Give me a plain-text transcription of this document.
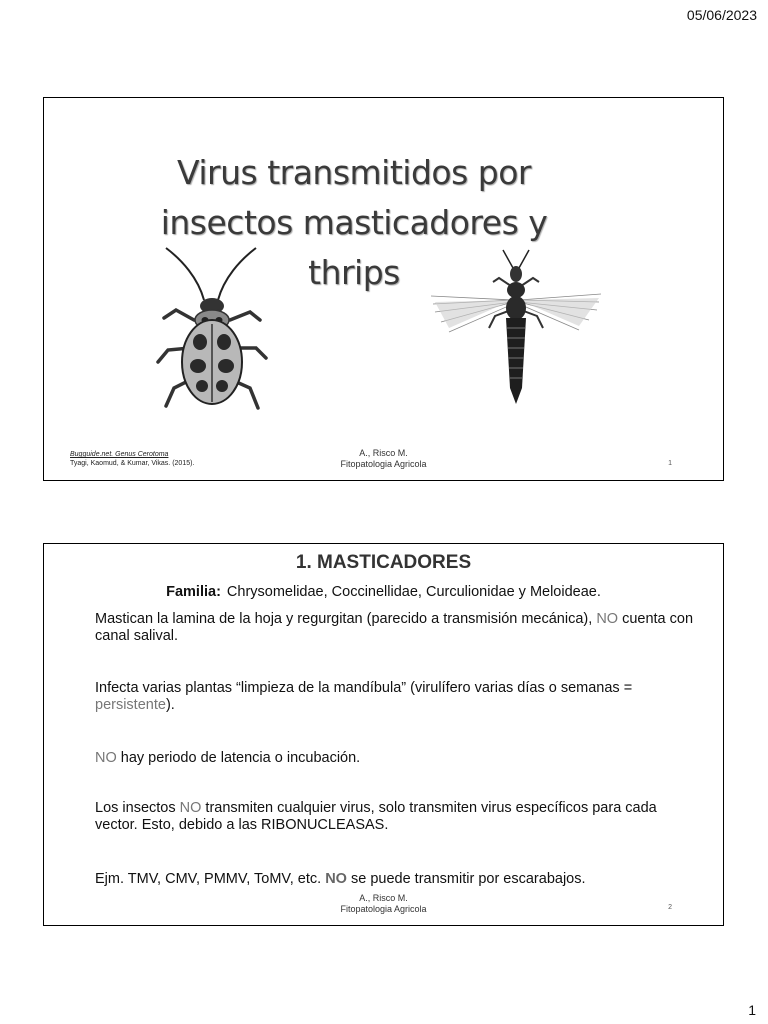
05/06/2023
Virus transmitidos por
insectos masticadores y
thrips
Bugguide.net. Genus Cerotoma
Tyagi, Kaomud, & Kumar, Vikas. (2015).
A., Risco M.
Fitopatologia Agricola	1
1. MASTICADORES
Familia: Chrysomelidae, Coccinellidae, Curculionidae y Meloideae.
Mastican la lamina de la hoja y regurgitan (parecido a transmisión mecánica), NO cuenta con canal salival.
Infecta varias plantas “limpieza de la mandíbula” (virulífero varias días o semanas = persistente).
NO hay periodo de latencia o incubación.
Los insectos NO transmiten cualquier virus, solo transmiten virus específicos para cada vector. Esto, debido a las RIBONUCLEASAS.
Ejm. TMV, CMV, PMMV, ToMV, etc. NO se puede transmitir por escarabajos.
A., Risco M.
Fitopatologia Agricola	2
1
